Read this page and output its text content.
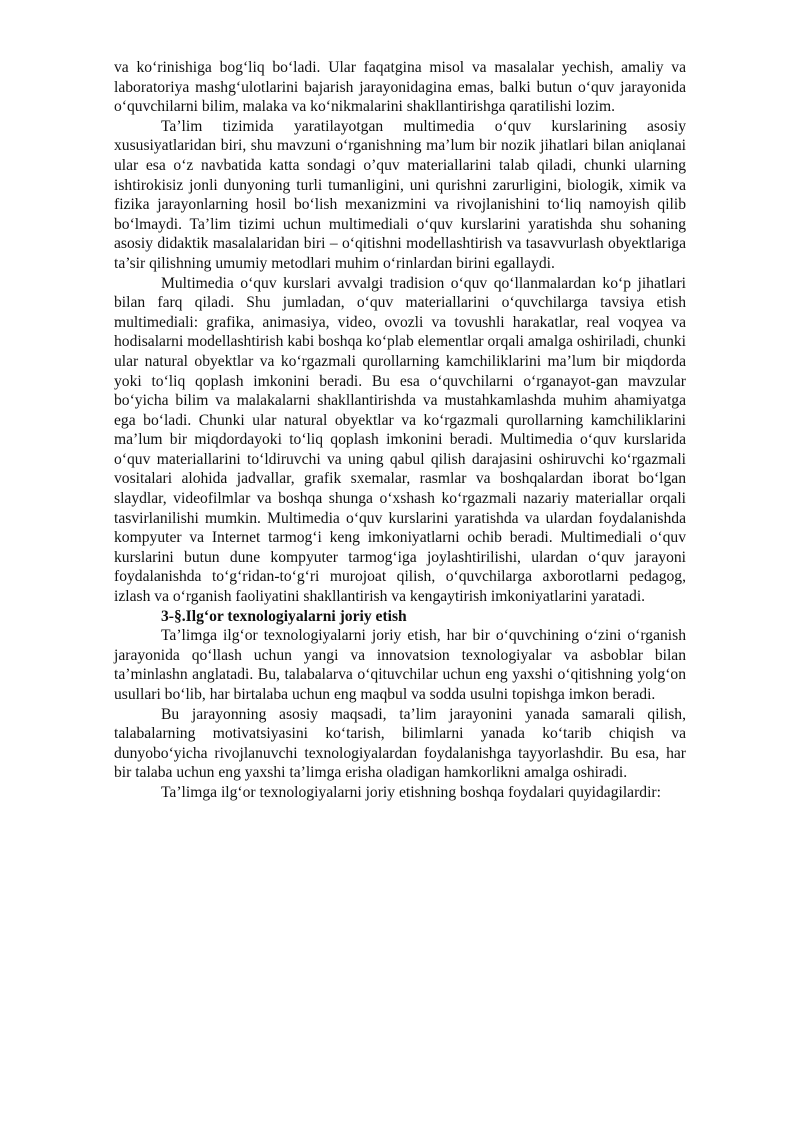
va ko‘rinishiga bog‘liq bo‘ladi. Ular faqatgina misol va masalalar yechish, amaliy va laboratoriya mashg‘ulotlarini bajarish jarayonidagina emas, balki butun o‘quv jarayonida o‘quvchilarni bilim, malaka va ko‘nikmalarini shakllantirishga qaratilishi lozim.

Ta’lim tizimida yaratilayotgan multimedia o‘quv kurslarining asosiy xususiyatlaridan biri, shu mavzuni o‘rganishning ma’lum bir nozik jihatlari bilan aniqlanai ular esa o‘z navbatida katta sondagi o’quv materiallarini talab qiladi, chunki ularning ishtirokisiz jonli dunyoning turli tumanligini, uni qurishni zarurligini, biologik, ximik va fizika jarayonlarning hosil bo‘lish mexanizmini va rivojlanishini to‘liq namoyish qilib bo‘lmaydi. Ta’lim tizimi uchun multimediali o‘quv kurslarini yaratishda shu sohaning asosiy didaktik masalalaridan biri – o‘qitishni modellashtirish va tasavvurlash obyektlariga ta’sir qilishning umumiy metodlari muhim o‘rinlardan birini egallaydi.

Multimedia o‘quv kurslari avvalgi tradision o‘quv qo‘llanmalardan ko‘p jihatlari bilan farq qiladi. Shu jumladan, o‘quv materiallarini o‘quvchilarga tavsiya etish multimediali: grafika, animasiya, video, ovozli va tovushli harakatlar, real voqyea va hodisalarni modellashtirish kabi boshqa ko‘plab elementlar orqali amalga oshiriladi, chunki ular natural obyektlar va ko‘rgazmali qurollarning kamchiliklarini ma’lum bir miqdorda yoki to‘liq qoplash imkonini beradi. Bu esa o‘quvchilarni o‘rganayot-gan mavzular bo‘yicha bilim va malakalarni shakllantirishda va mustahkamlashda muhim ahamiyatga ega bo‘ladi. Chunki ular natural obyektlar va ko‘rgazmali qurollarning kamchiliklarini ma’lum bir miqdordayoki to‘liq qoplash imkonini beradi. Multimedia o‘quv kurslarida o‘quv materiallarini to‘ldiruvchi va uning qabul qilish darajasini oshiruvchi ko‘rgazmali vositalari alohida jadvallar, grafik sxemalar, rasmlar va boshqalardan iborat bo‘lgan slaydlar, videofilmlar va boshqa shunga o‘xshash ko‘rgazmali nazariy materiallar orqali tasvirlanilishi mumkin. Multimedia o‘quv kurslarini yaratishda va ulardan foydalanishda kompyuter va Internet tarmog‘i keng imkoniyatlarni ochib beradi. Multimediali o‘quv kurslarini butun dune kompyuter tarmog‘iga joylashtirilishi, ulardan o‘quv jarayoni foydalanishda to‘g‘ridan-to‘g‘ri murojoat qilish, o‘quvchilarga axborotlarni pedagog, izlash va o‘rganish faoliyatini shakllantirish va kengaytirish imkoniyatlarini yaratadi.

3-§.Ilg‘or texnologiyalarni joriy etish

Ta’limga ilg‘or texnologiyalarni joriy etish, har bir o‘quvchining o‘zini o‘rganish jarayonida qo‘llash uchun yangi va innovatsion texnologiyalar va asboblar bilan ta’minlashn anglatadi. Bu, talabalarva o‘qituvchilar uchun eng yaxshi o‘qitishning yolg‘on usullari bo‘lib, har birtalaba uchun eng maqbul va sodda usulni topishga imkon beradi.

Bu jarayonning asosiy maqsadi, ta’lim jarayonini yanada samarali qilish, talabalarning motivatsiyasini ko‘tarish, bilimlarni yanada ko‘tarib chiqish va dunyobo‘yicha rivojlanuvchi texnologiyalardan foydalanishga tayyorlashdir. Bu esa, har bir talaba uchun eng yaxshi ta’limga erisha oladigan hamkorlikni amalga oshiradi.

Ta’limga ilg‘or texnologiyalarni joriy etishning boshqa foydalari quyidagilardir:
